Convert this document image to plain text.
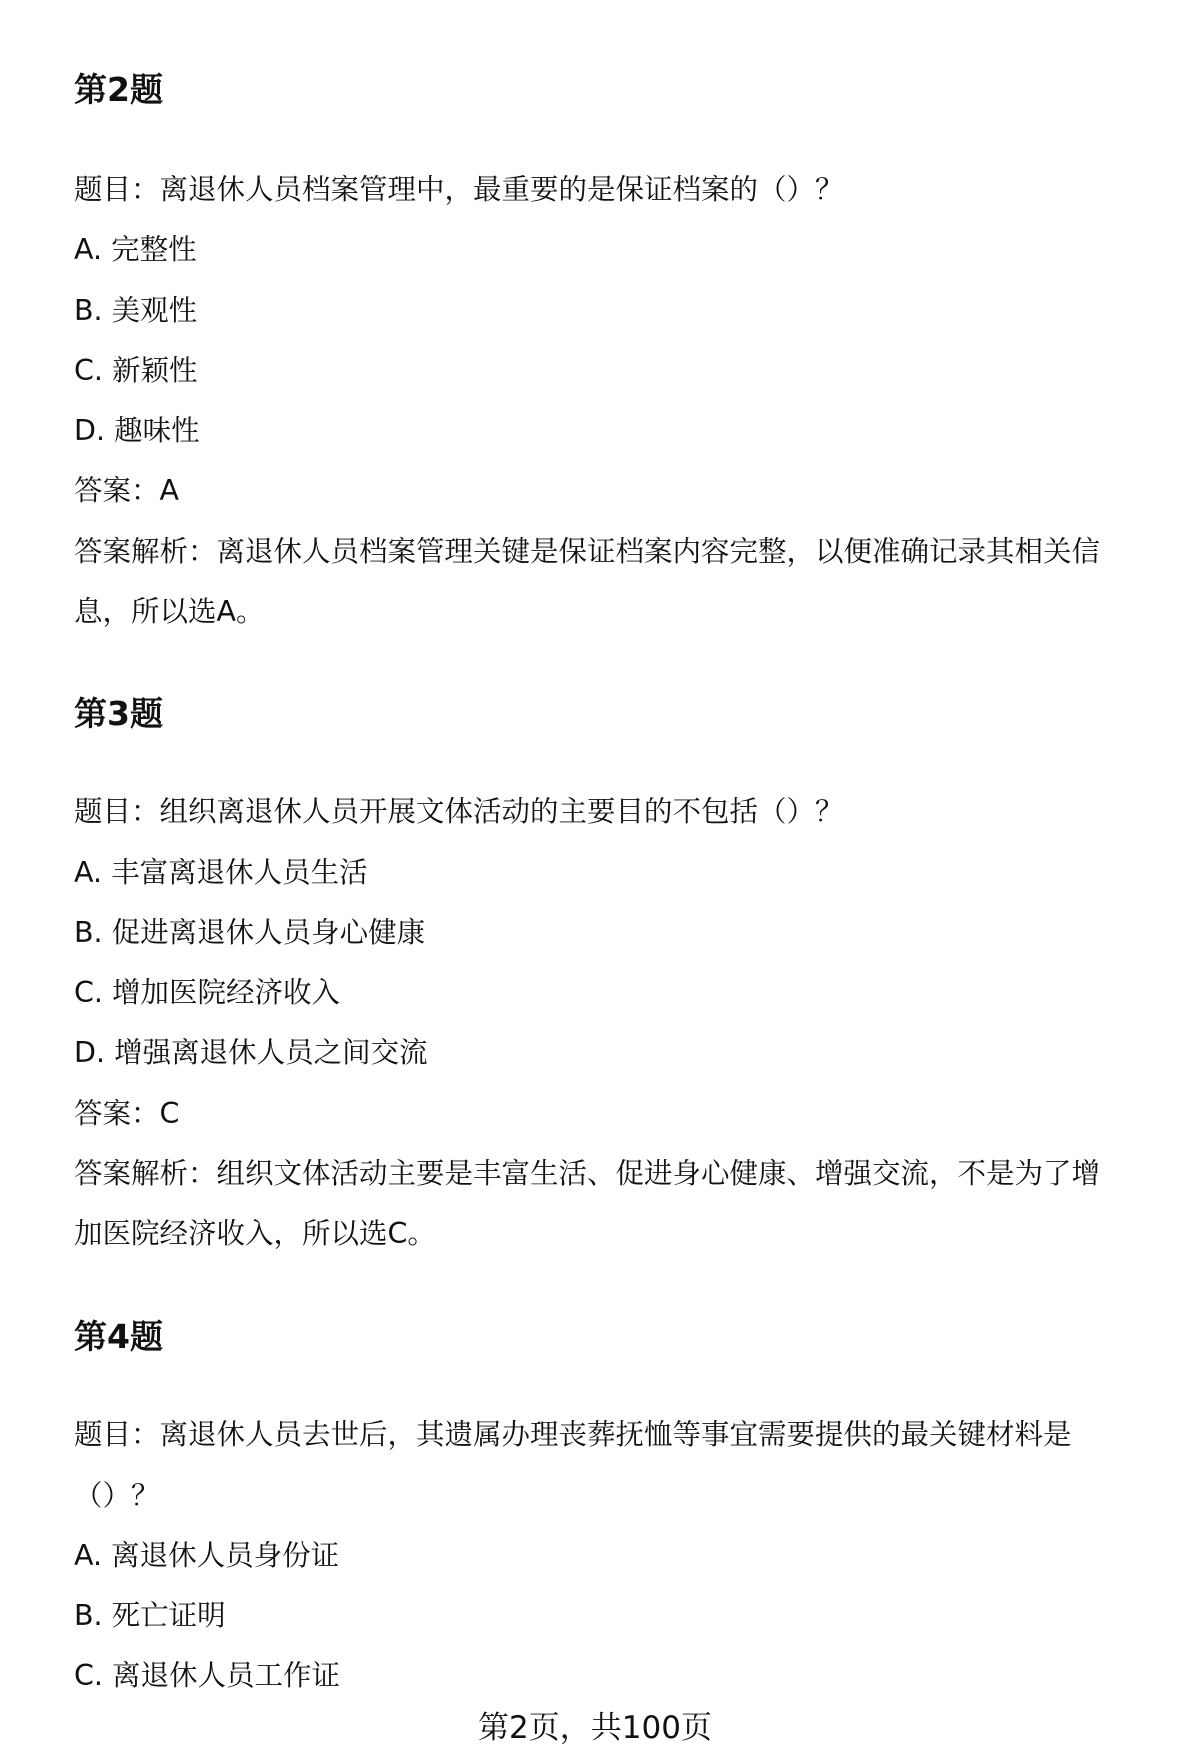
第2题

题目：离退休人员档案管理中，最重要的是保证档案的（）？

A. 完整性

B. 美观性

C. 新颖性

D. 趣味性

答案：A

答案解析：离退休人员档案管理关键是保证档案内容完整，以便准确记录其相关信

息，所以选A。

第3题

题目：组织离退休人员开展文体活动的主要目的不包括（）？

A. 丰富离退休人员生活

B. 促进离退休人员身心健康

C. 增加医院经济收入

D. 增强离退休人员之间交流

答案：C

答案解析：组织文体活动主要是丰富生活、促进身心健康、增强交流，不是为了增

加医院经济收入，所以选C。

第4题

题目：离退休人员去世后，其遗属办理丧葬抚恤等事宜需要提供的最关键材料是

（）？

A. 离退休人员身份证

B. 死亡证明

C. 离退休人员工作证

第2页，共100页
